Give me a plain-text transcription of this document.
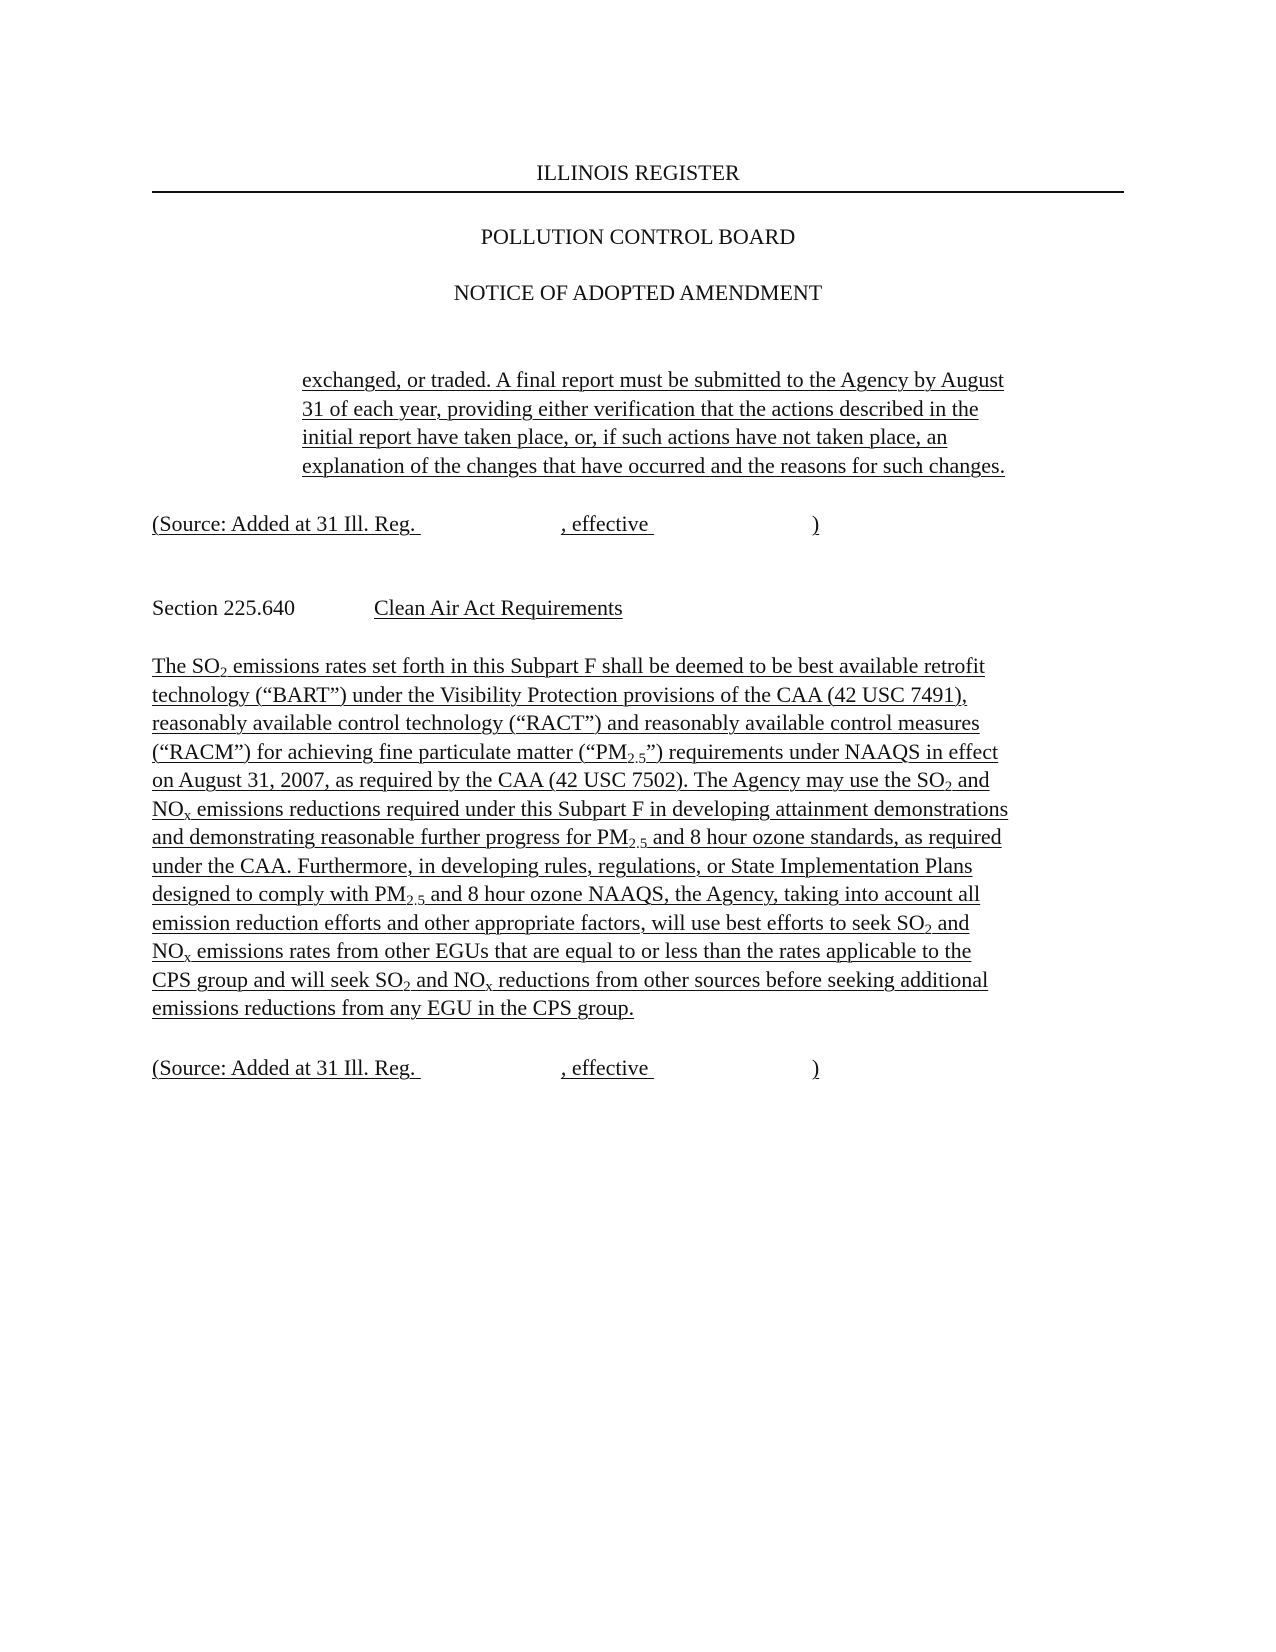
ILLINOIS REGISTER
POLLUTION CONTROL BOARD
NOTICE OF ADOPTED AMENDMENT
exchanged, or traded. A final report must be submitted to the Agency by August
31 of each year, providing either verification that the actions described in the
initial report have taken place, or, if such actions have not taken place, an
explanation of the changes that have occurred and the reasons for such changes.
(Source: Added at 31 Ill. Reg.	, effective	)
Section 225.640	Clean Air Act Requirements
The $SO_2$ emissions rates set forth in this Subpart F shall be deemed to be best available retrofit
technology (“BART”) under the Visibility Protection provisions of the CAA (42 USC 7491),
reasonably available control technology (“RACT”) and reasonably available control measures
(“RACM”) for achieving fine particulate matter $(“PM_{2.5}”)$ requirements under NAAQS in effect
on August 31, 2007, as required by the CAA (42 USC 7502). The Agency may use the $SO_2$ and
$NO_x$ emissions reductions required under this Subpart F in developing attainment demonstrations
and demonstrating reasonable further progress for $PM_{2.5}$ and 8 hour ozone standards, as required
under the CAA. Furthermore, in developing rules, regulations, or State Implementation Plans
designed to comply with $PM_{2.5}$ and 8 hour ozone NAAQS, the Agency, taking into account all
emission reduction efforts and other appropriate factors, will use best efforts to seek $SO_2$ and
$NO_x$ emissions rates from other EGUs that are equal to or less than the rates applicable to the
CPS group and will seek $SO_2$ and $NO_x$ reductions from other sources before seeking additional
emissions reductions from any EGU in the CPS group.
(Source: Added at 31 Ill. Reg.	, effective	)
